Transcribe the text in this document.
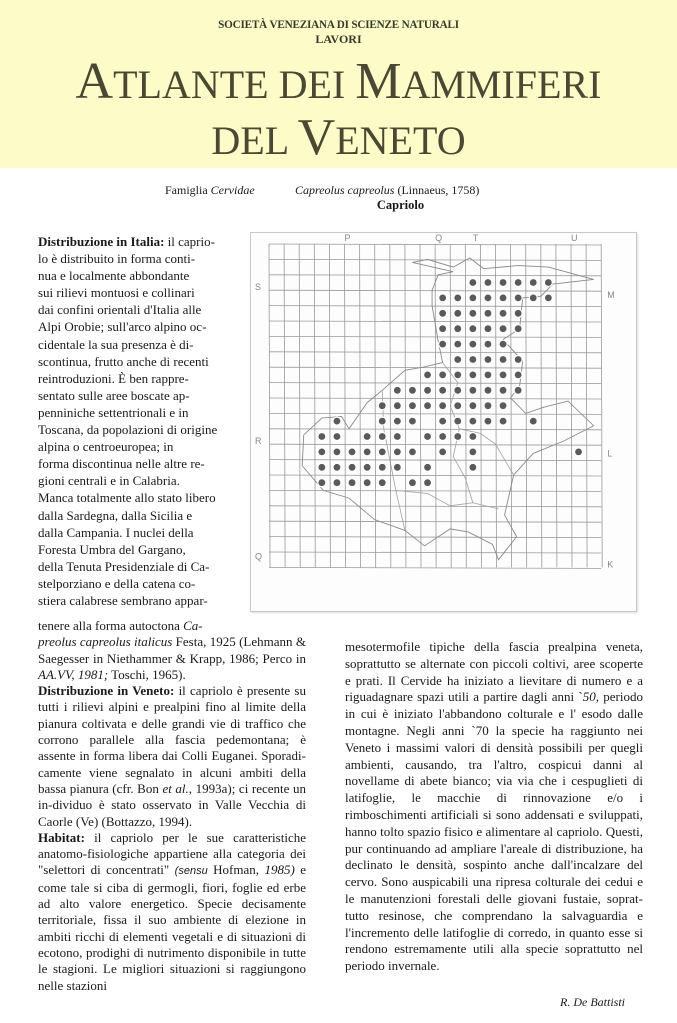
SOCIETÀ VENEZIANA DI SCIENZE NATURALI
LAVORI
ATLANTE DEI MAMMIFERI
DEL VENETO
Famiglia Cervidae	Capreolus capreolus (Linnaeus, 1758)
Capriolo
Distribuzione in Italia: il caprio-
lo è distribuito in forma conti-
nua e localmente abbondante
sui rilievi montuosi e collinari
dai confini orientali d'Italia alle
Alpi Orobie; sull'arco alpino oc-
cidentale la sua presenza è di-
scontinua, frutto anche di recenti
reintroduzioni. È ben rappre-
sentato sulle aree boscate ap-
penniniche settentrionali e in
Toscana, da popolazioni di origine
alpina o centroeuropea; in
forma discontinua nelle altre re-
gioni centrali e in Calabria.
Manca totalmente allo stato libero
dalla Sardegna, dalla Sicilia e
dalla Campania. I nuclei della
Foresta Umbra del Gargano,
della Tenuta Presidenziale di Ca-
stelporziano e della catena co-
stiera calabrese sembrano appar-
P	Q	T	U
S
M
R
L
Q
K

tenere alla forma autoctona Ca-
preolus capreolus italicus Festa, 1925 (Lehmann & Saegesser in Niethammer & Krapp, 1986; Perco in AA.VV, 1981; Toschi, 1965).

Distribuzione in Veneto: il capriolo è presente su tutti i rilievi alpini e prealpini fino al limite della pianura coltivata e delle grandi vie di traffico che corrono parallele alla fascia pedemontana; è assente in forma libera dai Colli Euganei. Sporadi-camente viene segnalato in alcuni ambiti della bassa pianura (cfr. Bon et al., 1993a); ci recente un in-dividuo è stato osservato in Valle Vecchia di Caorle (Ve) (Bottazzo, 1994).

Habitat: il capriolo per le sue caratteristiche anatomo-fisiologiche appartiene alla categoria dei "selettori di concentrati" (sensu Hofman, 1985) e come tale si ciba di germogli, fiori, foglie ed erbe ad alto valore energetico. Specie decisamente territoriale, fissa il suo ambiente di elezione in ambiti ricchi di elementi vegetali e di situazioni di ecotono, prodighi di nutrimento disponibile in tutte le stagioni. Le migliori situazioni si raggiungono nelle stazioni

mesotermofile tipiche della fascia prealpina veneta, soprattutto se alternate con piccoli coltivi, aree scoperte e prati. Il Cervide ha iniziato a lievitare di numero e a riguadagnare spazi utili a partire dagli anni `50, periodo in cui è iniziato l'abbandono colturale e l' esodo dalle montagne. Negli anni `70 la specie ha raggiunto nei Veneto i massimi valori di densità possibili per quegli ambienti, causando, tra l'altro, cospicui danni al novellame di abete bianco; via via che i cespuglieti di latifoglie, le macchie di rinnovazione e/o i rimboschimenti artificiali si sono addensati e sviluppati, hanno tolto spazio fisico e alimentare al capriolo. Questi, pur continuando ad ampliare l'areale di distribuzione, ha declinato le densità, sospinto anche dall'incalzare del cervo. Sono auspicabili una ripresa colturale dei cedui e le manutenzioni forestali delle giovani fustaie, soprat-tutto resinose, che comprendano la salvaguardia e l'incremento delle latifoglie di corredo, in quanto esse si rendono estremamente utili alla specie soprattutto nel periodo invernale.

R. De Battisti
